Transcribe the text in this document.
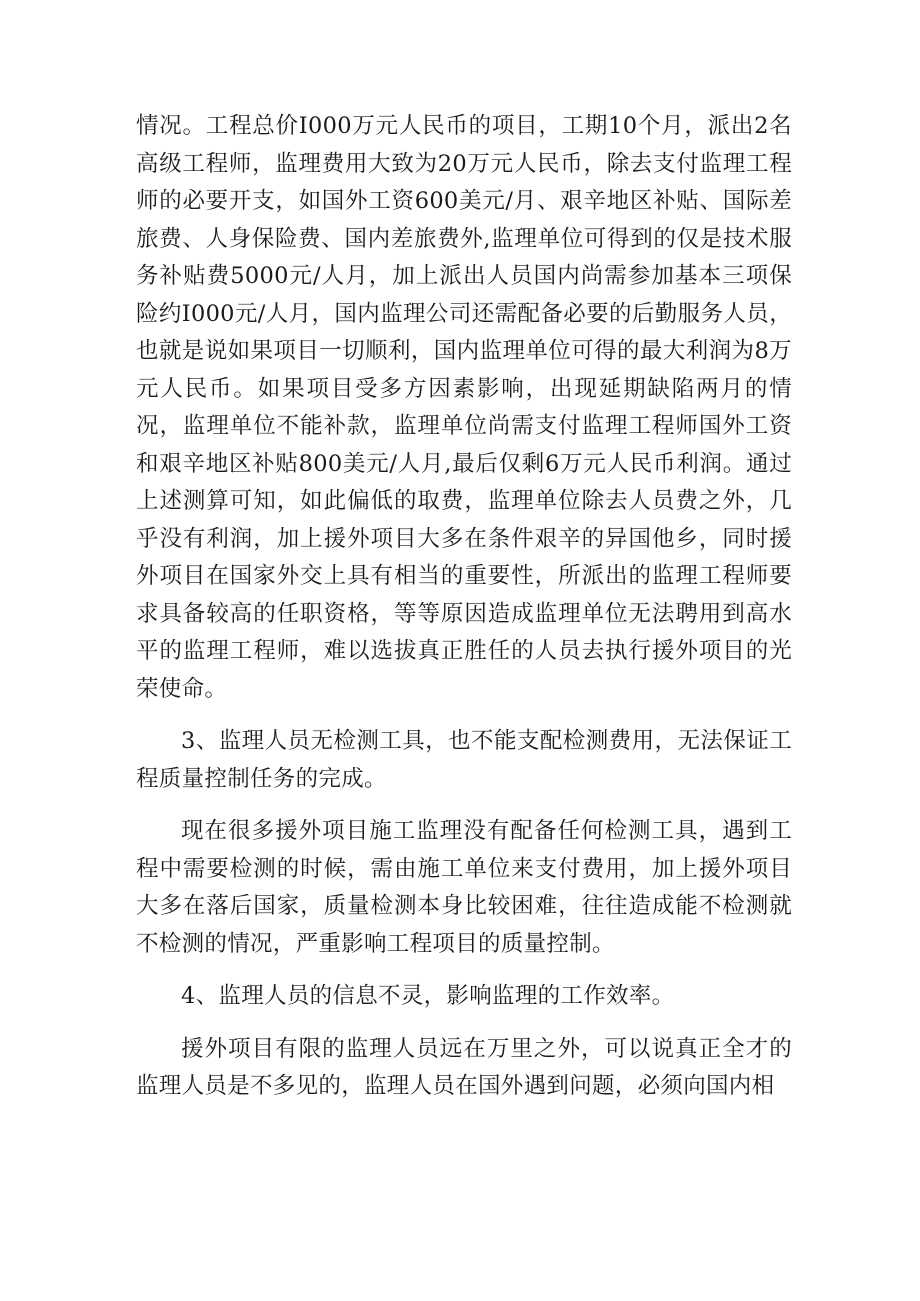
情况。工程总价I000万元人民币的项目，工期10个月，派出2名高级工程师，监理费用大致为20万元人民币，除去支付监理工程师的必要开支，如国外工资600美元/月、艰辛地区补贴、国际差旅费、人身保险费、国内差旅费外,监理单位可得到的仅是技术服务补贴费5000元/人月，加上派出人员国内尚需参加基本三项保险约I000元/人月，国内监理公司还需配备必要的后勤服务人员，也就是说如果项目一切顺利，国内监理单位可得的最大利润为8万元人民币。如果项目受多方因素影响，出现延期缺陷两月的情况，监理单位不能补款，监理单位尚需支付监理工程师国外工资和艰辛地区补贴800美元/人月,最后仅剩6万元人民币利润。通过上述测算可知，如此偏低的取费，监理单位除去人员费之外，几乎没有利润，加上援外项目大多在条件艰辛的异国他乡，同时援外项目在国家外交上具有相当的重要性，所派出的监理工程师要求具备较高的任职资格，等等原因造成监理单位无法聘用到高水平的监理工程师，难以选拔真正胜任的人员去执行援外项目的光荣使命。

3、监理人员无检测工具，也不能支配检测费用，无法保证工程质量控制任务的完成。

现在很多援外项目施工监理没有配备任何检测工具，遇到工程中需要检测的时候，需由施工单位来支付费用，加上援外项目大多在落后国家，质量检测本身比较困难，往往造成能不检测就不检测的情况，严重影响工程项目的质量控制。

4、监理人员的信息不灵，影响监理的工作效率。

援外项目有限的监理人员远在万里之外，可以说真正全才的监理人员是不多见的，监理人员在国外遇到问题，必须向国内相
